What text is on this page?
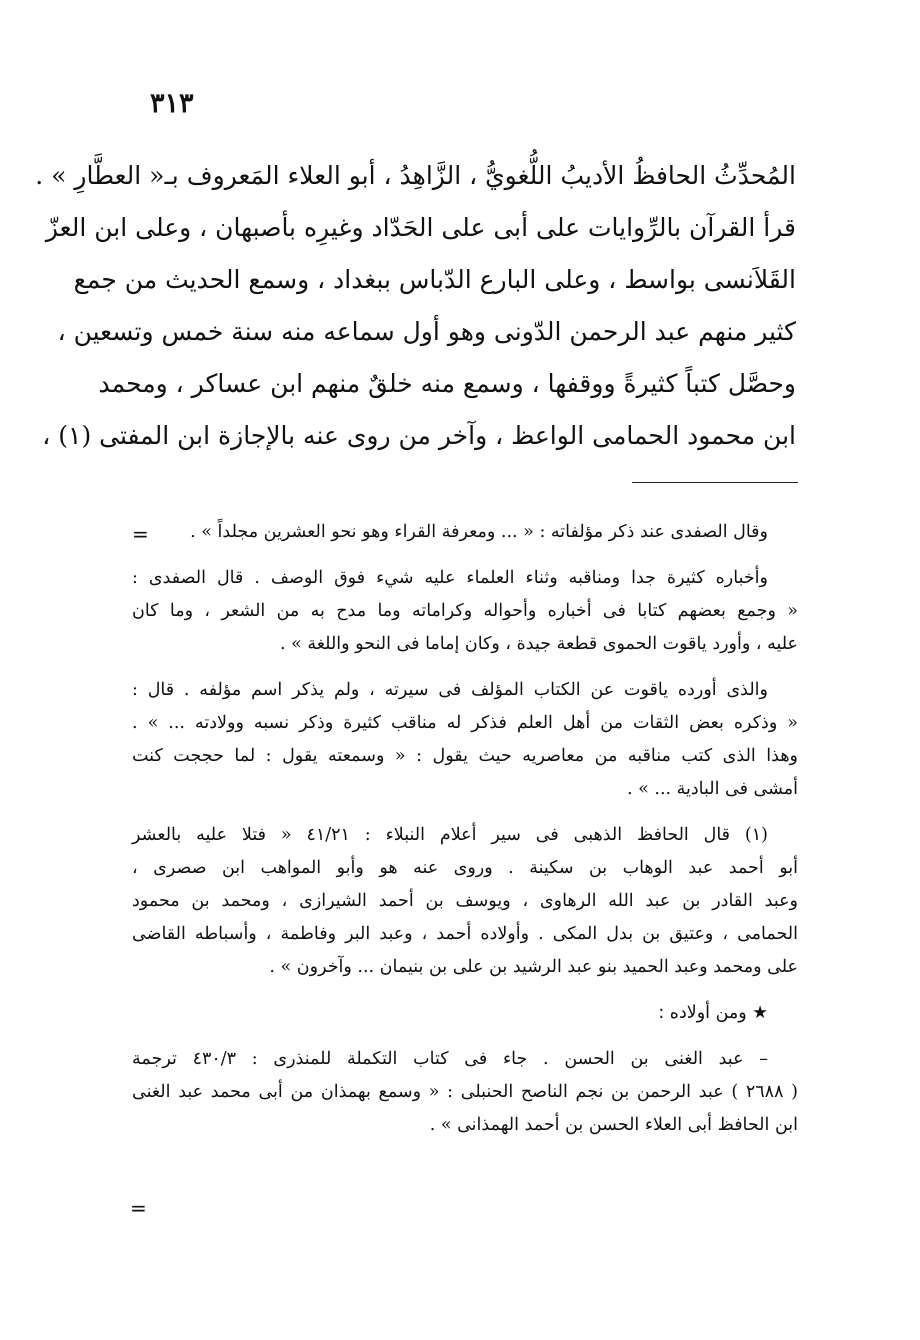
٣١٣
المُحدِّثُ الحافظُ الأديبُ اللُّغويُّ ، الزَّاهِدُ ، أبو العلاء المَعروف بـ« العطَّارِ » .
قرأ القرآن بالرِّوايات على أبى على الحَدّاد وغيرِه بأصبهان ، وعلى ابن العزّ
القَلاَنسى بواسط ، وعلى البارع الدّباس ببغداد ، وسمع الحديث من جمع
كثير منهم عبد الرحمن الدّونى وهو أول سماعه منه سنة خمس وتسعين ،
وحصَّل كتباً كثيرةً ووقفها ، وسمع منه خلقٌ منهم ابن عساكر ، ومحمد
ابن محمود الحمامى الواعظ ، وآخر من روى عنه بالإجازة ابن المفتى (١) ،
=
=
وقال الصفدى عند ذكر مؤلفاته : « ... ومعرفة القراء وهو نحو العشرين مجلداً » .
وأخباره كثيرة جدا ومناقبه وثناء العلماء عليه شيء فوق الوصف . قال الصفدى :
« وجمع بعضهم كتابا فى أخباره وأحواله وكراماته وما مدح به من الشعر ، وما كان
عليه ، وأورد ياقوت الحموى قطعة جيدة ، وكان إماما فى النحو واللغة » .
والذى أورده ياقوت عن الكتاب المؤلف فى سيرته ، ولم يذكر اسم مؤلفه . قال :
« وذكره بعض الثقات من أهل العلم فذكر له مناقب كثيرة وذكر نسبه وولادته ... » .
وهذا الذى كتب مناقبه من معاصريه حيث يقول : « وسمعته يقول : لما حججت كنت
أمشى فى البادية ... » .
(١) قال الحافظ الذهبى فى سير أعلام النبلاء : ٤١/٢١ « فتلا عليه بالعشر
أبو أحمد عبد الوهاب بن سكينة . وروى عنه هو وأبو المواهب ابن صصرى ،
وعبد القادر بن عبد الله الرهاوى ، ويوسف بن أحمد الشيرازى ، ومحمد بن محمود
الحمامى ، وعتيق بن بدل المكى . وأولاده أحمد ، وعبد البر وفاطمة ، وأسباطه القاضى
على ومحمد وعبد الحميد بنو عبد الرشيد بن على بن بنيمان ... وآخرون » .
★ ومن أولاده :
– عبد الغنى بن الحسن . جاء فى كتاب التكملة للمنذرى : ٤٣٠/٣ ترجمة
( ٢٦٨٨ ) عبد الرحمن بن نجم الناصح الحنبلى : « وسمع بهمذان من أبى محمد عبد الغنى
ابن الحافظ أبى العلاء الحسن بن أحمد الهمذانى » .
